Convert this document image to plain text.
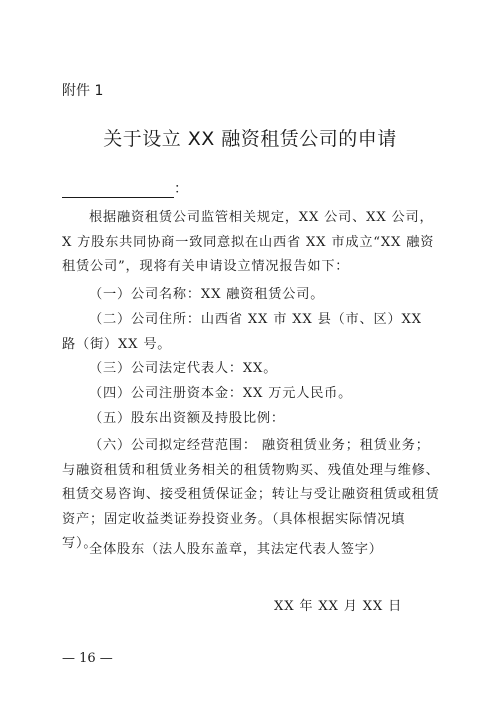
附件 1
关于设立 XX 融资租赁公司的申请
：
根据融资租赁公司监管相关规定，XX 公司、XX 公司，X 方股东共同协商一致同意拟在山西省 XX 市成立“XX 融资租赁公司”，现将有关申请设立情况报告如下：
（一）公司名称：XX 融资租赁公司。
（二）公司住所：山西省 XX 市 XX 县（市、区）XX 路（街）XX 号。
（三）公司法定代表人：XX。
（四）公司注册资本金：XX 万元人民币。
（五）股东出资额及持股比例：
（六）公司拟定经营范围： 融资租赁业务；租赁业务；与融资租赁和租赁业务相关的租赁物购买、残值处理与维修、租赁交易咨询、接受租赁保证金；转让与受让融资租赁或租赁资产；固定收益类证券投资业务。（具体根据实际情况填写）。
全体股东（法人股东盖章，其法定代表人签字）
XX 年 XX 月 XX 日
— 16 —
